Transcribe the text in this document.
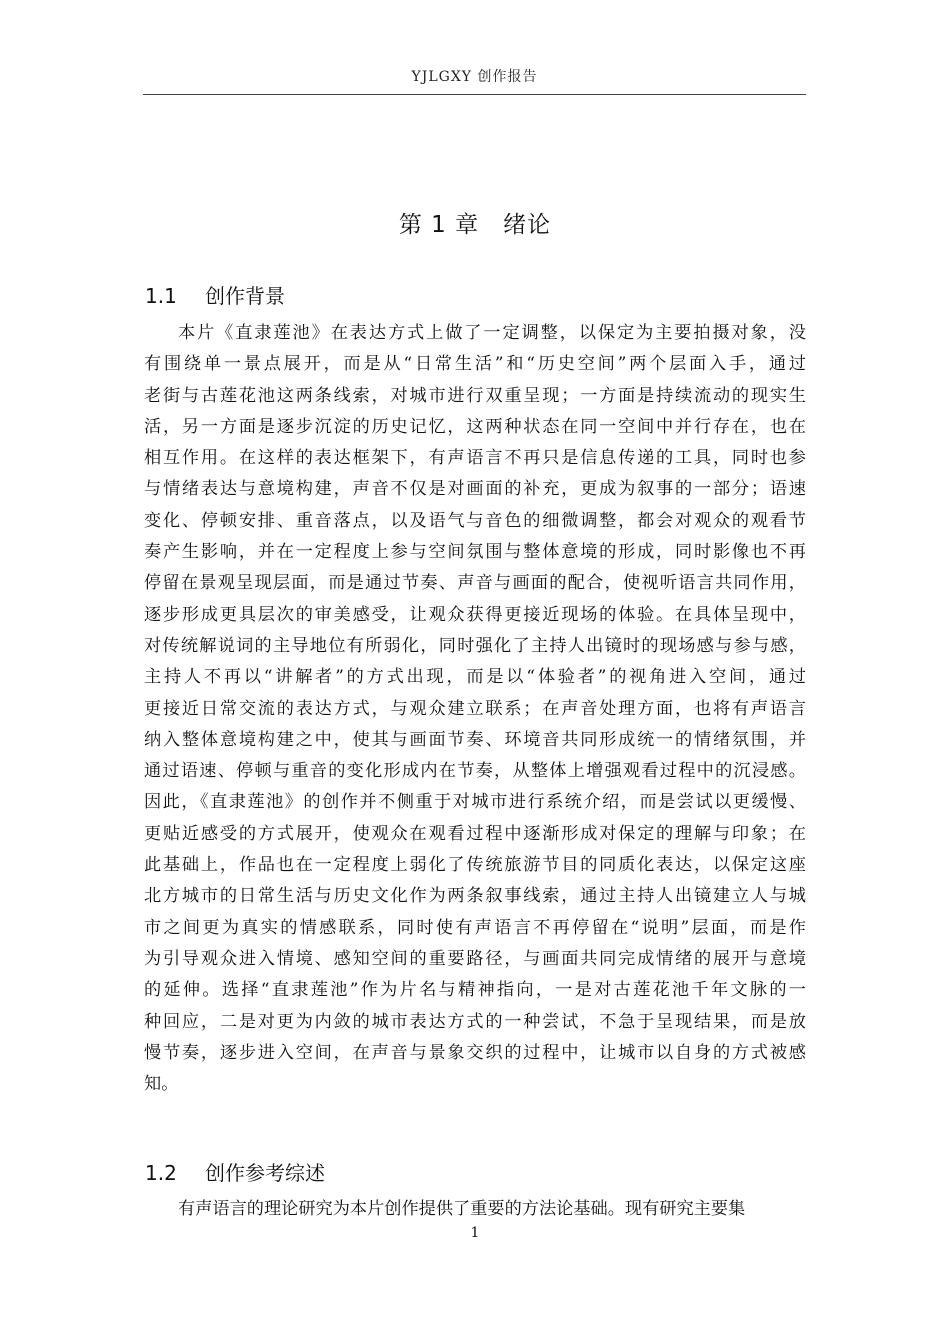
YJLGXY 创作报告
第 1 章　绪论
1.1 创作背景
本片《直隶莲池》在表达方式上做了一定调整，以保定为主要拍摄对象，没
有围绕单一景点展开，而是从“日常生活”和“历史空间”两个层面入手，通过
老街与古莲花池这两条线索，对城市进行双重呈现；一方面是持续流动的现实生
活，另一方面是逐步沉淀的历史记忆，这两种状态在同一空间中并行存在，也在
相互作用。在这样的表达框架下，有声语言不再只是信息传递的工具，同时也参
与情绪表达与意境构建，声音不仅是对画面的补充，更成为叙事的一部分；语速
变化、停顿安排、重音落点，以及语气与音色的细微调整，都会对观众的观看节
奏产生影响，并在一定程度上参与空间氛围与整体意境的形成，同时影像也不再
停留在景观呈现层面，而是通过节奏、声音与画面的配合，使视听语言共同作用，
逐步形成更具层次的审美感受，让观众获得更接近现场的体验。在具体呈现中，
对传统解说词的主导地位有所弱化，同时强化了主持人出镜时的现场感与参与感，
主持人不再以“讲解者”的方式出现，而是以“体验者”的视角进入空间，通过
更接近日常交流的表达方式，与观众建立联系；在声音处理方面，也将有声语言
纳入整体意境构建之中，使其与画面节奏、环境音共同形成统一的情绪氛围，并
通过语速、停顿与重音的变化形成内在节奏，从整体上增强观看过程中的沉浸感。
因此，《直隶莲池》的创作并不侧重于对城市进行系统介绍，而是尝试以更缓慢、
更贴近感受的方式展开，使观众在观看过程中逐渐形成对保定的理解与印象；在
此基础上，作品也在一定程度上弱化了传统旅游节目的同质化表达，以保定这座
北方城市的日常生活与历史文化作为两条叙事线索，通过主持人出镜建立人与城
市之间更为真实的情感联系，同时使有声语言不再停留在“说明”层面，而是作
为引导观众进入情境、感知空间的重要路径，与画面共同完成情绪的展开与意境
的延伸。选择“直隶莲池”作为片名与精神指向，一是对古莲花池千年文脉的一
种回应，二是对更为内敛的城市表达方式的一种尝试，不急于呈现结果，而是放
慢节奏，逐步进入空间，在声音与景象交织的过程中，让城市以自身的方式被感
知。
1.2 创作参考综述
有声语言的理论研究为本片创作提供了重要的方法论基础。现有研究主要集
1
